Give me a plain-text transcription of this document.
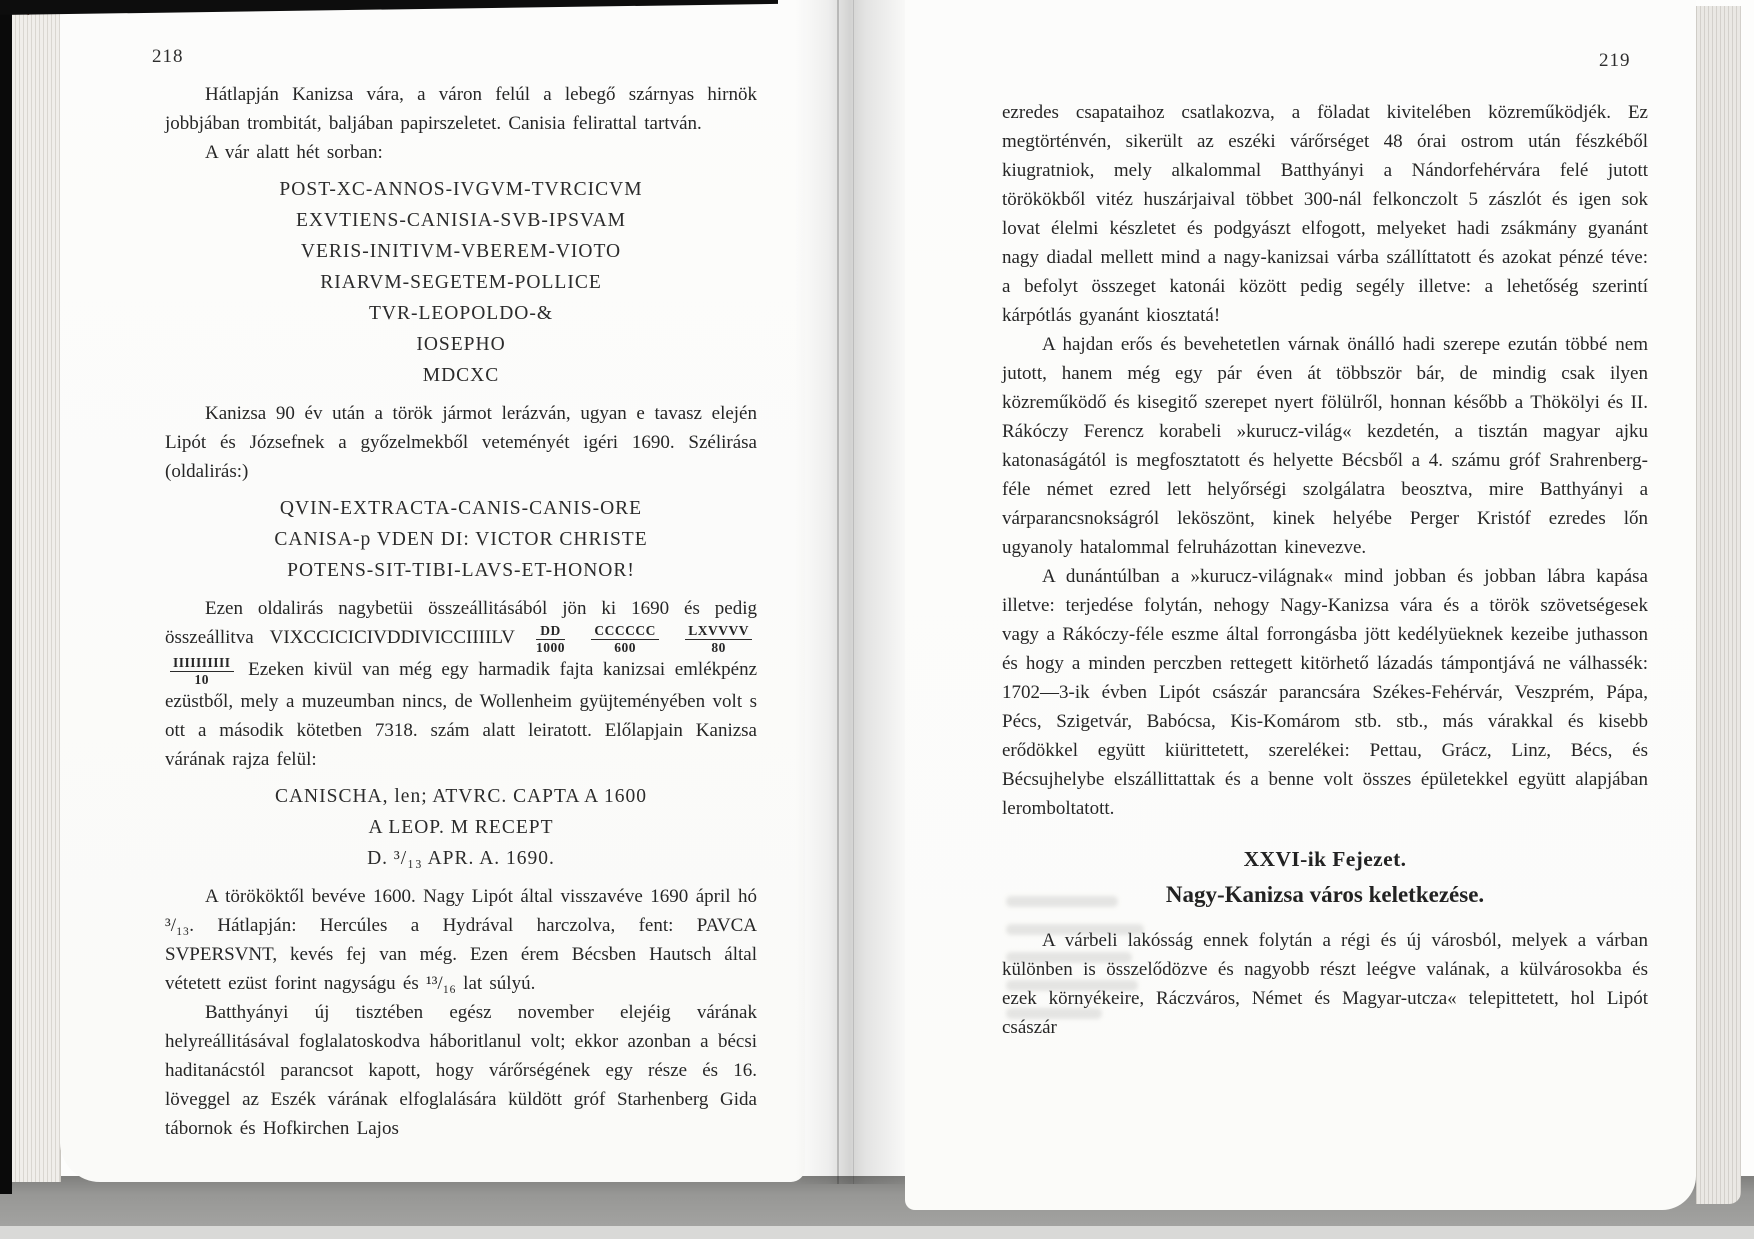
218	219

Hátlapján Kanizsa vára, a váron felúl a lebegő szárnyas hirnök jobbjában trombitát, baljában papirszeletet. Canisia felirattal tartván.

A vár alatt hét sorban:

POST-XC-ANNOS-IVGVM-TVRCICVM
EXVTIENS-CANISIA-SVB-IPSVAM
VERIS-INITIVM-VBEREM-VIOTO
RIARVM-SEGETEM-POLLICE
TVR-LEOPOLDO-&
IOSEPHO
MDCXC

Kanizsa 90 év után a török jármot lerázván, ugyan e tavasz elején Lipót és Józsefnek a győzelmekből veteményét igéri 1690. Szélirása (oldalirás:)

QVIN-EXTRACTA-CANIS-CANIS-ORE
CANISA-p VDEN DI: VICTOR CHRISTE
POTENS-SIT-TIBI-LAVS-ET-HONOR!

Ezen oldalirás nagybetüi összeállitásából jön ki 1690 és pedig összeállitva VIXCCICICIVDDIVICCIIIILV $\frac{DD}{1000}$
$\frac{\text{CCCCCC}}{600}$
$\frac{\text{LXVVVV}}{80}$

$\frac{\text{IIIIIIIIII}}{10}$ Ezeken kivül van még egy harmadik fajta kanizsai emlékpénz ezüstből, mely a muzeumban nincs, de Wollenheim gyüjteményében volt s ott a második kötetben 7318. szám alatt leiratott. Előlapjain Kanizsa várának rajza felül:

CANISCHA, len; ATVRC. CAPTA A 1600
A LEOP. M RECEPT
D. ³/₁₃ APR. A. 1690.

A törököktől bevéve 1600. Nagy Lipót által visszavéve 1690 ápril hó ³/₁₃. Hátlapján: Hercúles a Hydrával harczolva, fent: PAVCA SVPERSVNT, kevés fej van még. Ezen érem Bécsben Hautsch által vétetett ezüst forint nagyságu és ¹³/₁₆ lat súlyú.

Batthyányi új tisztében egész november elejéig várának helyreállitásával foglalatoskodva háboritlanul volt; ekkor azonban a bécsi haditanácstól parancsot kapott, hogy várőrségének egy része és 16. löveggel az Eszék várának elfoglalására küldött gróf Starhenberg Gida tábornok és Hofkirchen Lajos

ezredes csapataihoz csatlakozva, a föladat kivitelében közreműködjék. Ez megtörténvén, sikerült az eszéki várőrséget 48 órai ostrom után fészkéből kiugratniok, mely alkalommal Batthyányi a Nándorfehérvára felé jutott törökökből vitéz huszárjaival többet 300-nál felkonczolt 5 zászlót és igen sok lovat élelmi készletet és podgyászt elfogott, melyeket hadi zsákmány gyanánt nagy diadal mellett mind a nagy-kanizsai várba szállíttatott és azokat pénzé téve: a befolyt összeget katonái között pedig segély illetve: a lehetőség szerintí kárpótlás gyanánt kiosztatá!

A hajdan erős és bevehetetlen várnak önálló hadi szerepe ezután többé nem jutott, hanem még egy pár éven át többször bár, de mindig csak ilyen közreműködő és kisegitő szerepet nyert fölülről, honnan később a Thökölyi és II. Rákóczy Ferencz korabeli »kurucz-világ« kezdetén, a tisztán magyar ajku katonaságától is megfosztatott és helyette Bécsből a 4. számu gróf Srahrenberg-féle német ezred lett helyőrségi szolgálatra beosztva, mire Batthyányi a várparancsnokságról leköszönt, kinek helyébe Perger Kristóf ezredes lőn ugyanoly hatalommal felruházottan kinevezve.

A dunántúlban a »kurucz-világnak« mind jobban és jobban lábra kapása illetve: terjedése folytán, nehogy Nagy-Kanizsa vára és a török szövetségesek vagy a Rákóczy-féle eszme által forrongásba jött kedélyüeknek kezeibe juthasson és hogy a minden perczben rettegett kitörhető lázadás támpontjává ne válhassék: 1702—3-ik évben Lipót császár parancsára Székes-Fehérvár, Veszprém, Pápa, Pécs, Szigetvár, Babócsa, Kis-Komárom stb. stb., más várakkal és kisebb erődökkel együtt kiürittetett, szerelékei: Pettau, Grácz, Linz, Bécs, és Bécsujhelybe elszállittattak és a benne volt összes épületekkel együtt alapjában leromboltatott.

XXVI-ik Fejezet.
Nagy-Kanizsa város keletkezése.

A várbeli lakósság ennek folytán a régi és új városból, melyek a várban különben is összelődözve és nagyobb részt leégve valának, a külvárosokba és ezek környékeire, Ráczváros, Német és Magyar-utcza« telepittetett, hol Lipót császár
